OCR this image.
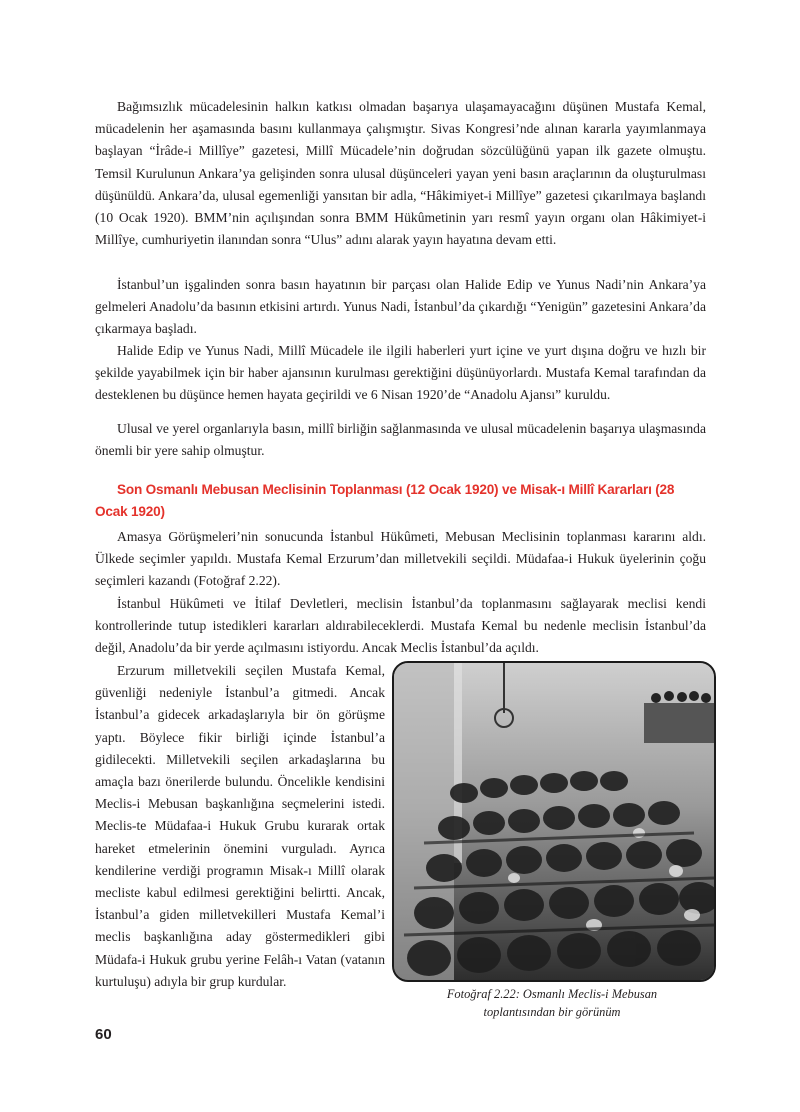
Bağımsızlık mücadelesinin halkın katkısı olmadan başarıya ulaşamayacağını düşünen Mustafa Kemal, mücadelenin her aşamasında basını kullanmaya çalışmıştır. Sivas Kongresi’nde alınan kararla yayımlanmaya başlayan “İrâde-i Millîye” gazetesi, Millî Mücadele’nin doğrudan sözcülüğünü yapan ilk gazete olmuştu. Temsil Kurulunun Ankara’ya gelişinden sonra ulusal düşünceleri yayan yeni basın araçlarının da oluşturulması düşünüldü. Ankara’da, ulusal egemenliği yansıtan bir adla, “Hâkimiyet-i Millîye” gazetesi çıkarılmaya başlandı (10 Ocak 1920). BMM’nin açılışından sonra BMM Hükûmetinin yarı resmî yayın organı olan Hâkimiyet-i Millîye, cumhuriyetin ilanından sonra “Ulus” adını alarak yayın hayatına devam etti.

İstanbul’un işgalinden sonra basın hayatının bir parçası olan Halide Edip ve Yunus Nadi’nin Ankara’ya gelmeleri Anadolu’da basının etkisini artırdı. Yunus Nadi, İstanbul’da çıkardığı “Yenigün” gazetesini Ankara’da çıkarmaya başladı.

Halide Edip ve Yunus Nadi, Millî Mücadele ile ilgili haberleri yurt içine ve yurt dışına doğru ve hızlı bir şekilde yayabilmek için bir haber ajansının kurulması gerektiğini düşünüyorlardı. Mustafa Kemal tarafından da desteklenen bu düşünce hemen hayata geçirildi ve 6 Nisan 1920’de “Anadolu Ajansı” kuruldu.

Ulusal ve yerel organlarıyla basın, millî birliğin sağlanmasında ve ulusal mücadelenin başarıya ulaşmasında önemli bir yere sahip olmuştur.

Son Osmanlı Mebusan Meclisinin Toplanması (12 Ocak 1920) ve Misak-ı Millî Kararları (28 Ocak 1920)

Amasya Görüşmeleri’nin sonucunda İstanbul Hükûmeti, Mebusan Meclisinin toplanması kararını aldı. Ülkede seçimler yapıldı. Mustafa Kemal Erzurum’dan milletvekili seçildi. Müdafaa-i Hukuk üyelerinin çoğu seçimleri kazandı (Fotoğraf 2.22).

İstanbul Hükûmeti ve İtilaf Devletleri, meclisin İstanbul’da toplanmasını sağlayarak meclisi kendi kontrollerinde tutup istedikleri kararları aldırabileceklerdi. Mustafa Kemal bu nedenle meclisin İstanbul’da değil, Anadolu’da bir yerde açılmasını istiyordu. Ancak Meclis İstanbul’da açıldı.

Erzurum milletvekili seçilen Mustafa Kemal, güvenliği nedeniyle İstanbul’a gitmedi. Ancak İstanbul’a gidecek arkadaşlarıyla bir ön görüşme yaptı. Böylece fikir birliği içinde İstanbul’a gidilecekti. Milletvekili seçilen arkadaşlarına bu amaçla bazı önerilerde bulundu. Öncelikle kendisini Meclis-i Mebusan başkanlığına seçmelerini istedi. Meclis-te Müdafaa-i Hukuk Grubu kurarak ortak hareket etmelerinin önemini vurguladı. Ayrıca kendilerine verdiği programın Misak-ı Millî olarak mecliste kabul edilmesi gerektiğini belirtti. Ancak, İstanbul’a giden milletvekilleri Mustafa Kemal’i meclis başkanlığına aday göstermedikleri gibi Müdafa-i Hukuk grubu yerine Felâh-ı Vatan (vatanın kurtuluşu) adıyla bir grup kurdular.

Fotoğraf 2.22: Osmanlı Meclis-i Mebusan
toplantısından bir görünüm

60
